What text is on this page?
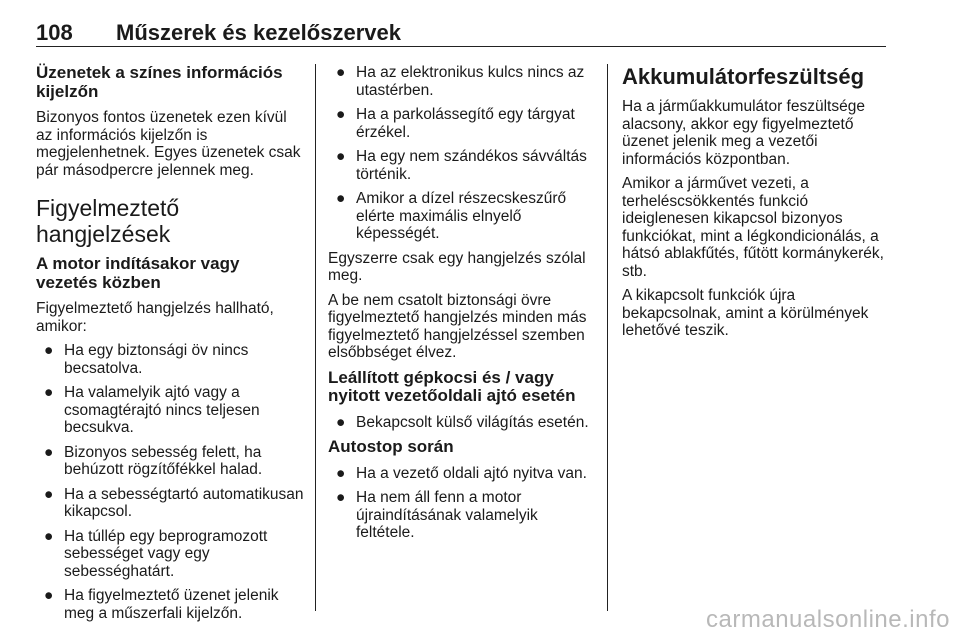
108 Műszerek és kezelőszervek
Üzenetek a színes információs kijelzőn

Bizonyos fontos üzenetek ezen kívül az információs kijelzőn is megjelenhetnek. Egyes üzenetek csak pár másodpercre jelennek meg.

Figyelmeztető hangjelzések
A motor indításakor vagy vezetés közben

Figyelmeztető hangjelzés hallható, amikor:

● Ha egy biztonsági öv nincs becsatolva.
● Ha valamelyik ajtó vagy a csomagtérajtó nincs teljesen becsukva.
● Bizonyos sebesség felett, ha behúzott rögzítőfékkel halad.
● Ha a sebességtartó automatikusan kikapcsol.
● Ha túllép egy beprogramozott sebességet vagy egy sebességhatárt.
● Ha figyelmeztető üzenet jelenik meg a műszerfali kijelzőn.
● Ha az elektronikus kulcs nincs az utastérben.
● Ha a parkolássegítő egy tárgyat érzékel.
● Ha egy nem szándékos sávváltás történik.
● Amikor a dízel részecskeszűrő elérte maximális elnyelő képességét.

Egyszerre csak egy hangjelzés szólal meg.

A be nem csatolt biztonsági övre figyelmeztető hangjelzés minden más figyelmeztető hangjelzéssel szemben elsőbbséget élvez.

Leállított gépkocsi és / vagy nyitott vezetőoldali ajtó esetén
● Bekapcsolt külső világítás esetén.
Autostop során
● Ha a vezető oldali ajtó nyitva van.
● Ha nem áll fenn a motor újraindításának valamelyik feltétele.
Akkumulátorfeszültség

Ha a járműakkumulátor feszültsége alacsony, akkor egy figyelmeztető üzenet jelenik meg a vezetői információs központban.

Amikor a járművet vezeti, a terheléscsökkentés funkció ideiglenesen kikapcsol bizonyos funkciókat, mint a légkondicionálás, a hátsó ablakfűtés, fűtött kormánykerék, stb.

A kikapcsolt funkciók újra bekapcsolnak, amint a körülmények lehetővé teszik.

carmanualsonline.info
